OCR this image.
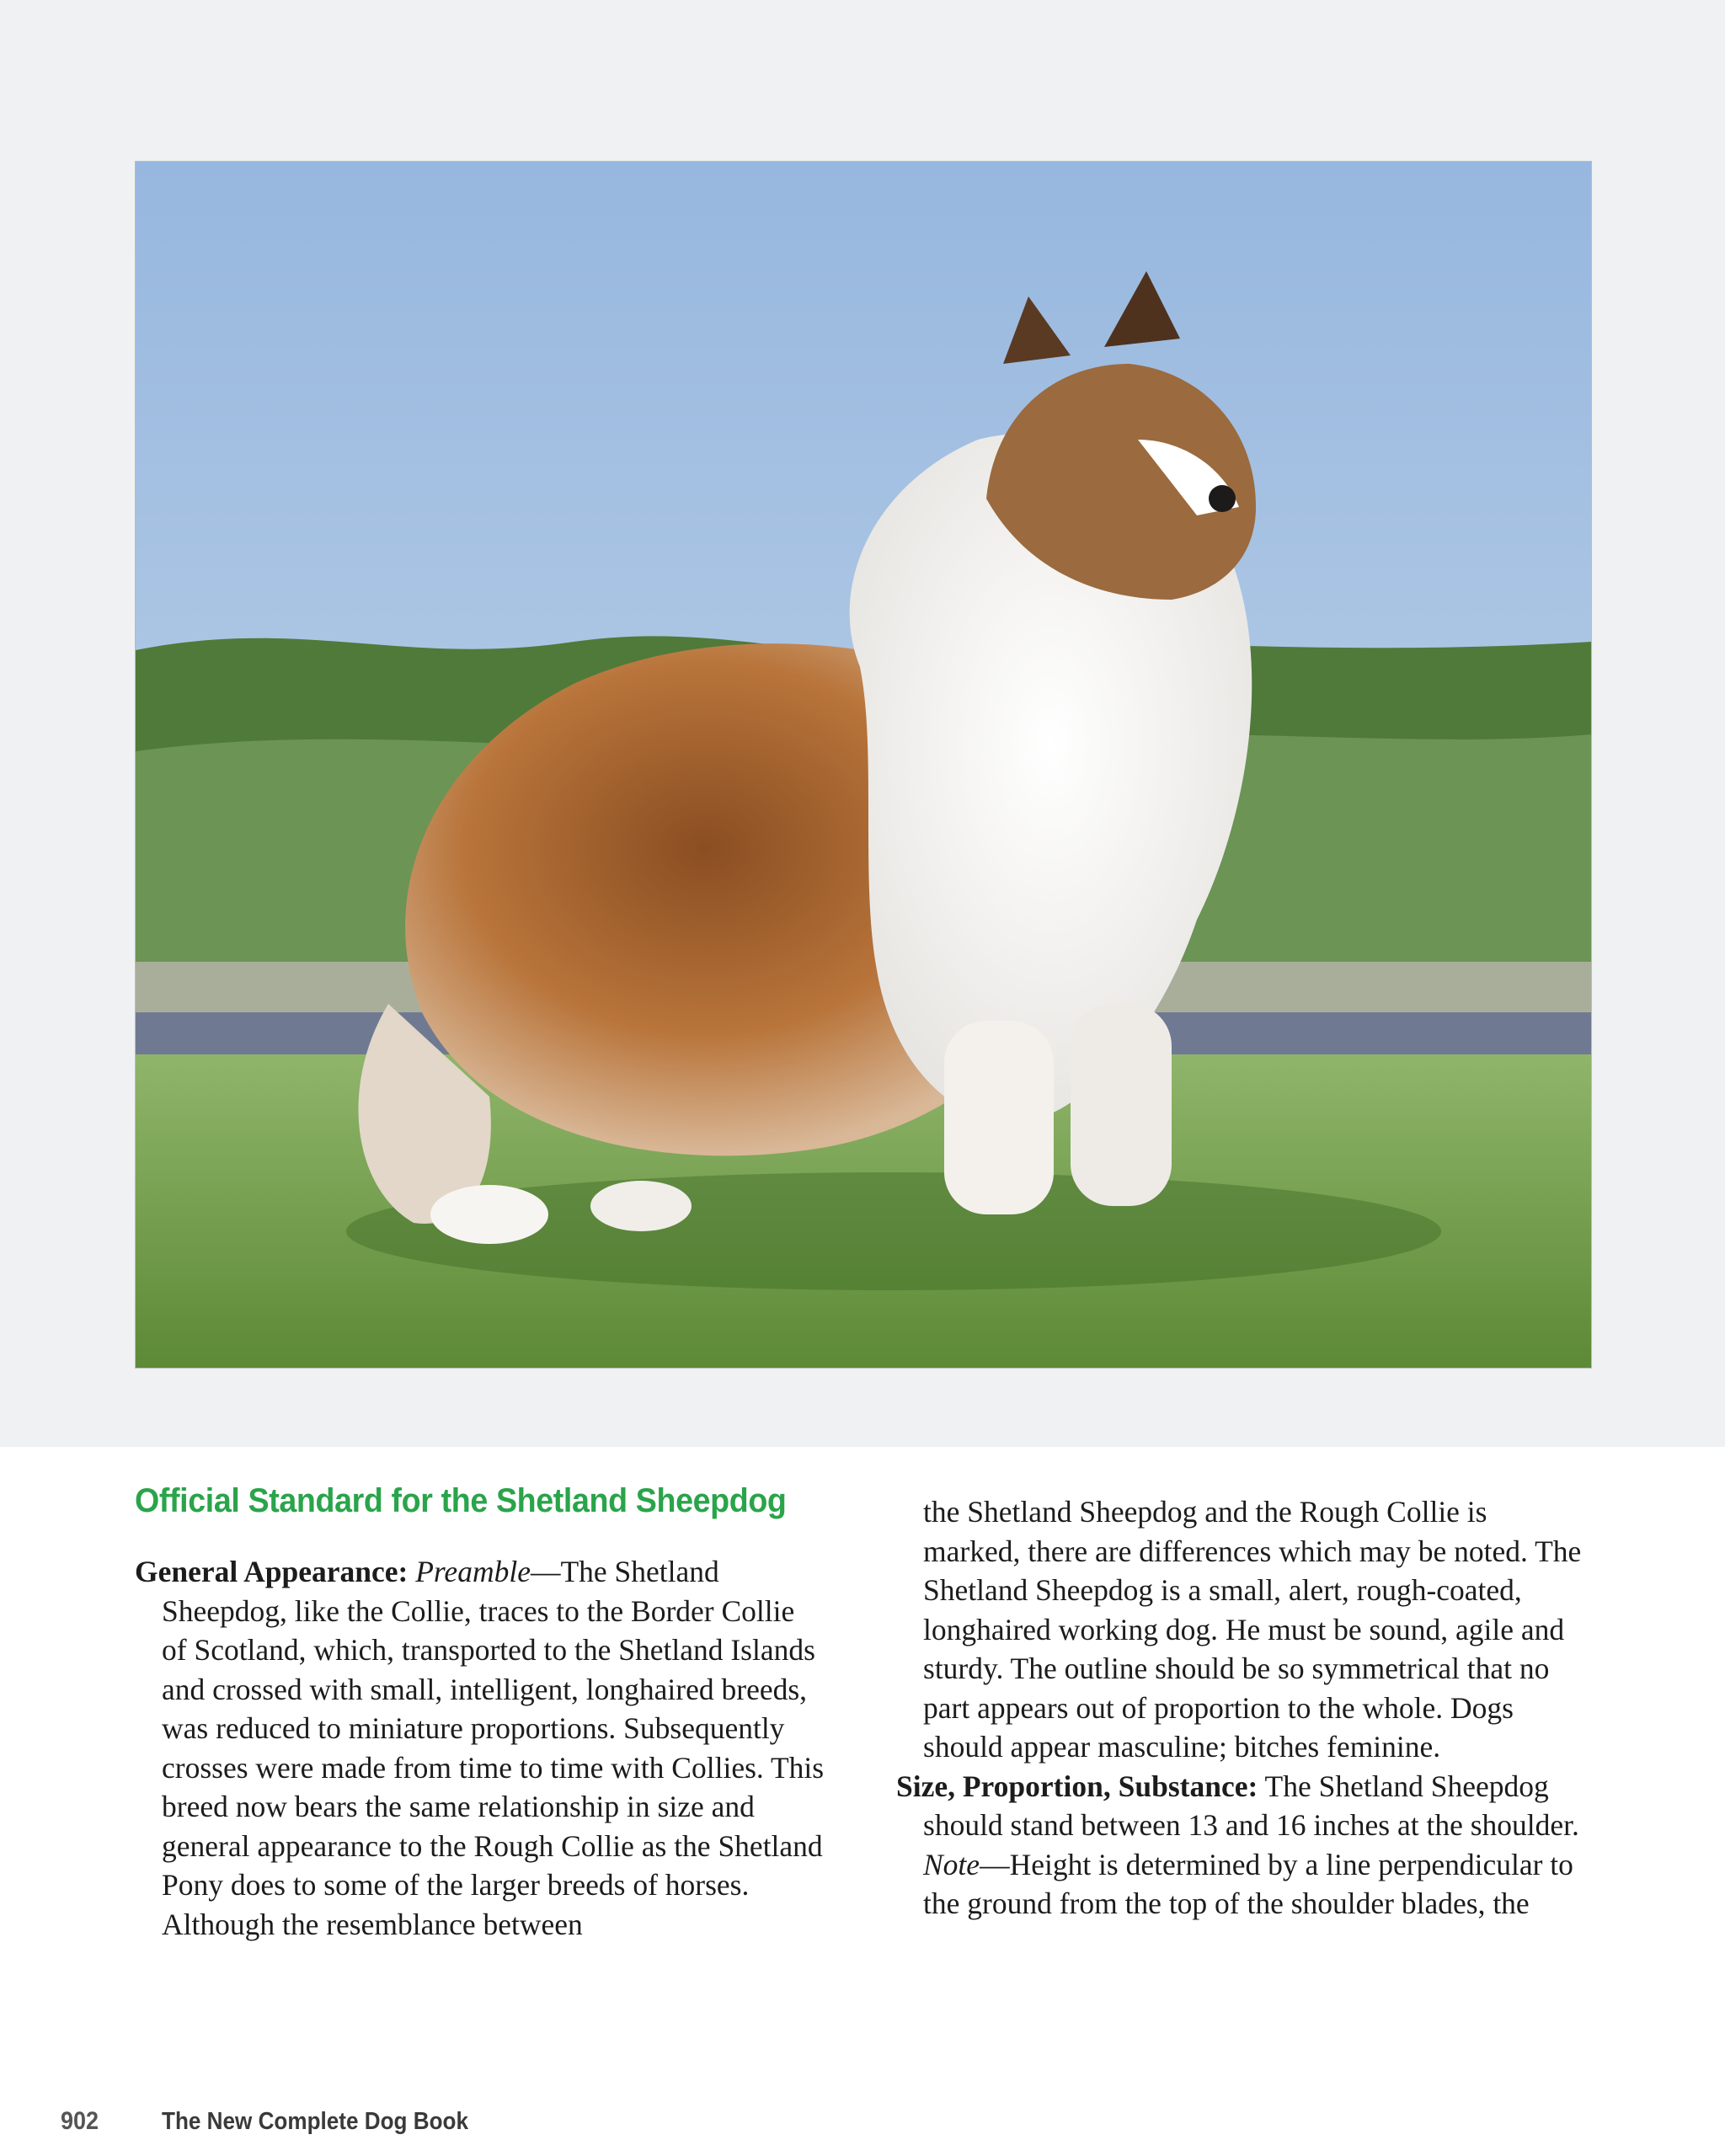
Official Standard for the Shetland Sheepdog

General Appearance: Preamble—The Shetland Sheepdog, like the Collie, traces to the Border Collie of Scotland, which, transported to the Shetland Islands and crossed with small, intelligent, longhaired breeds, was reduced to miniature proportions. Subsequently crosses were made from time to time with Collies. This breed now bears the same relationship in size and general appearance to the Rough Collie as the Shetland Pony does to some of the larger breeds of horses. Although the resemblance between

the Shetland Sheepdog and the Rough Collie is marked, there are differences which may be noted. The Shetland Sheepdog is a small, alert, rough-coated, longhaired working dog. He must be sound, agile and sturdy. The outline should be so symmetrical that no part appears out of proportion to the whole. Dogs should appear masculine; bitches feminine.

Size, Proportion, Substance: The Shetland Sheepdog should stand between 13 and 16 inches at the shoulder. Note—Height is determined by a line perpendicular to the ground from the top of the shoulder blades, the

902	The New Complete Dog Book
